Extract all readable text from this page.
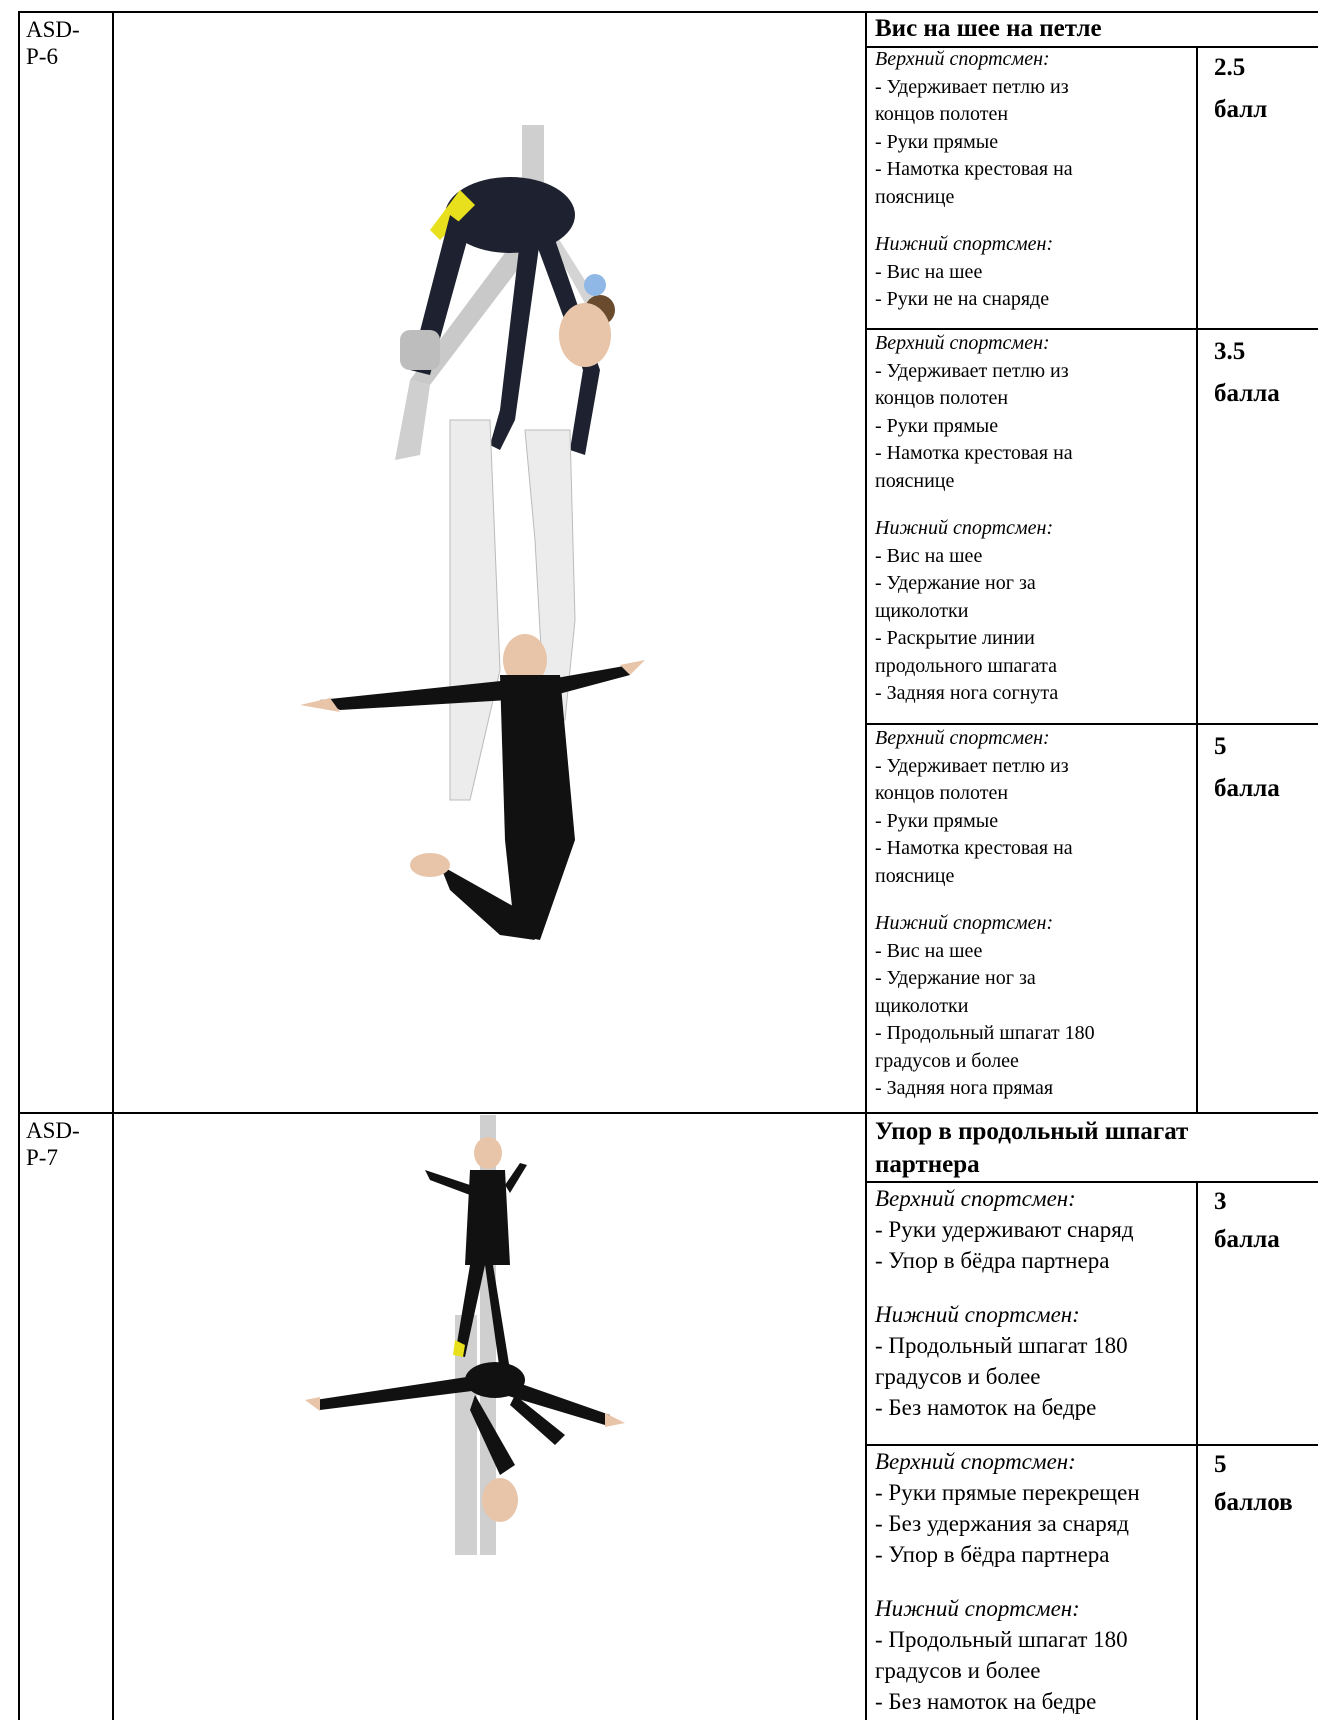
ASD-
P-6
Вис на шее на петле
Верхний спортсмен:
- Удерживает петлю из
концов полотен
- Руки прямые
- Намотка крестовая на
пояснице
Нижний спортсмен:
- Вис на шее
- Руки не на снаряде
2.5
балл
Верхний спортсмен:
- Удерживает петлю из
концов полотен
- Руки прямые
- Намотка крестовая на
пояснице
Нижний спортсмен:
- Вис на шее
- Удержание ног за
щиколотки
- Раскрытие линии
продольного шпагата
- Задняя нога согнута
3.5
балла
Верхний спортсмен:
- Удерживает петлю из
концов полотен
- Руки прямые
- Намотка крестовая на
пояснице
Нижний спортсмен:
- Вис на шее
- Удержание ног за
щиколотки
- Продольный шпагат 180
градусов и более
- Задняя нога прямая
5
балла
ASD-
P-7
Упор в продольный шпагат
партнера
Верхний спортсмен:
- Руки удерживают снаряд
- Упор в бёдра партнера
Нижний спортсмен:
- Продольный шпагат 180
градусов и более
- Без намоток на бедре
3
балла
Верхний спортсмен:
- Руки прямые перекрещен
- Без удержания за снаряд
- Упор в бёдра партнера
Нижний спортсмен:
- Продольный шпагат 180
градусов и более
- Без намоток на бедре
5
баллов
